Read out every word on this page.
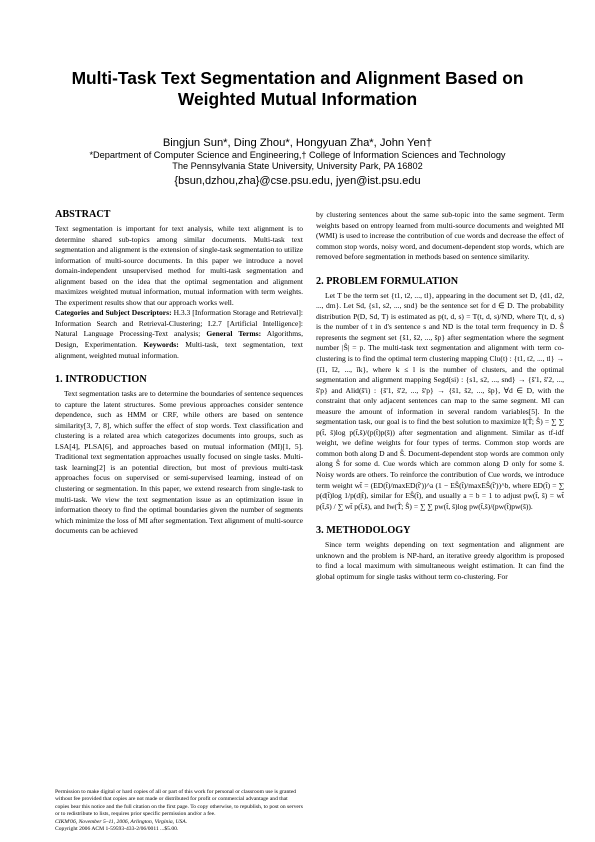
Multi-Task Text Segmentation and Alignment Based on
Weighted Mutual Information
Bingjun Sun*, Ding Zhou*, Hongyuan Zha*, John Yen†
*Department of Computer Science and Engineering,† College of Information Sciences and Technology
The Pennsylvania State University, University Park, PA 16802
{bsun,dzhou,zha}@cse.psu.edu, jyen@ist.psu.edu
ABSTRACT

Text segmentation is important for text analysis, while text alignment is to determine shared sub-topics among similar documents. Multi-task text segmentation and alignment is the extension of single-task segmentation to utilize information of multi-source documents. In this paper we introduce a novel domain-independent unsupervised method for multi-task segmentation and alignment based on the idea that the optimal segmentation and alignment maximizes weighted mutual information, mutual information with term weights. The experiment results show that our approach works well.

Categories and Subject Descriptors: H.3.3 [Information Storage and Retrieval]: Information Search and Retrieval-Clustering; I.2.7 [Artificial Intelligence]: Natural Language Processing-Text analysis; General Terms: Algorithms, Design, Experimentation. Keywords: Multi-task, text segmentation, text alignment, weighted mutual information.

1. INTRODUCTION

Text segmentation tasks are to determine the boundaries of sentence sequences to capture the latent structures. Some previous approaches consider sentence dependence, such as HMM or CRF, while others are based on sentence similarity[3, 7, 8], which suffer the effect of stop words. Text classification and clustering is a related area which categorizes documents into groups, such as LSA[4], PLSA[6], and approaches based on mutual information (MI)[1, 5]. Traditional text segmentation approaches usually focused on single tasks. Multi-task learning[2] is an potential direction, but most of previous multi-task approaches focus on supervised or semi-supervised learning, instead of on clustering or segmentation. In this paper, we extend research from single-task to multi-task. We view the text segmentation issue as an optimization issue in information theory to find the optimal boundaries given the number of segments which minimize the loss of MI after segmentation. Text alignment of multi-source documents can be achieved

Permission to make digital or hard copies of all or part of this work for personal or classroom use is granted without fee provided that copies are not made or distributed for profit or commercial advantage and that copies bear this notice and the full citation on the first page. To copy otherwise, to republish, to post on servers or to redistribute to lists, requires prior specific permission and/or a fee.
CIKM'06, November 5–11, 2006, Arlington, Virginia, USA.
Copyright 2006 ACM 1-59593-433-2/06/0011 ...$5.00.

by clustering sentences about the same sub-topic into the same segment. Term weights based on entropy learned from multi-source documents and weighted MI (WMI) is used to increase the contribution of cue words and decrease the effect of common stop words, noisy word, and document-dependent stop words, which are removed before segmentation in methods based on sentence similarity.

2. PROBLEM FORMULATION

Let T be the term set {t1, t2, ..., tl}, appearing in the document set D, {d1, d2, ..., dm}. Let Sd, {s1, s2, ..., snd} be the sentence set for d ∈ D. The probability distribution P(D, Sd, T) is estimated as p(t, d, s) = T(t, d, s)/ND, where T(t, d, s) is the number of t in d's sentence s and ND is the total term frequency in D. Ŝ represents the segment set {ŝ1, ŝ2, ..., ŝp} after segmentation where the segment number |Ŝ| = p. The multi-task text segmentation and alignment with term co-clustering is to find the optimal term clustering mapping Clu(t) : {t1, t2, ..., tl} → {î1, î2, ..., îk}, where k ≤ l is the number of clusters, and the optimal segmentation and alignment mapping Segd(si) : {s1, s2, ..., snd} → {ŝ'1, ŝ'2, ..., ŝ'p} and Alid(ŝ'i) : {ŝ'1, ŝ'2, ..., ŝ'p} → {ŝ1, ŝ2, ..., ŝp}, ∀d ∈ D, with the constraint that only adjacent sentences can map to the same segment. MI can measure the amount of information in several random variables[5]. In the segmentation task, our goal is to find the best solution to maximize I(T̂; Ŝ) = ∑ ∑ p(t̂, ŝ)log p(t̂,ŝ)/(p(t̂)p(ŝ)) after segmentation and alignment. Similar as tf-idf weight, we define weights for four types of terms. Common stop words are common both along D and Ŝ. Document-dependent stop words are common only along Ŝ for some d. Cue words which are common along D only for some ŝ. Noisy words are others. To reinforce the contribution of Cue words, we introduce term weight wt̂ = (ED(t̂)/maxED(t̂'))^a (1 − EŜ(t̂)/maxEŜ(t̂'))^b, where ED(t̂) = ∑ p(d|t̂)log 1/p(d|t̂), similar for EŜ(t̂), and usually a = b = 1 to adjust pw(t̂, ŝ) = wt̂ p(t̂,ŝ) / ∑ wt̂ p(t̂,ŝ), and Iw(T̂; Ŝ) = ∑ ∑ pw(t̂, ŝ)log pw(t̂,ŝ)/(pw(t̂)pw(ŝ)).

3. METHODOLOGY

Since term weights depending on text segmentation and alignment are unknown and the problem is NP-hard, an iterative greedy algorithm is proposed to find a local maximum with simultaneous weight estimation. It can find the global optimum for single tasks without term co-clustering. For
